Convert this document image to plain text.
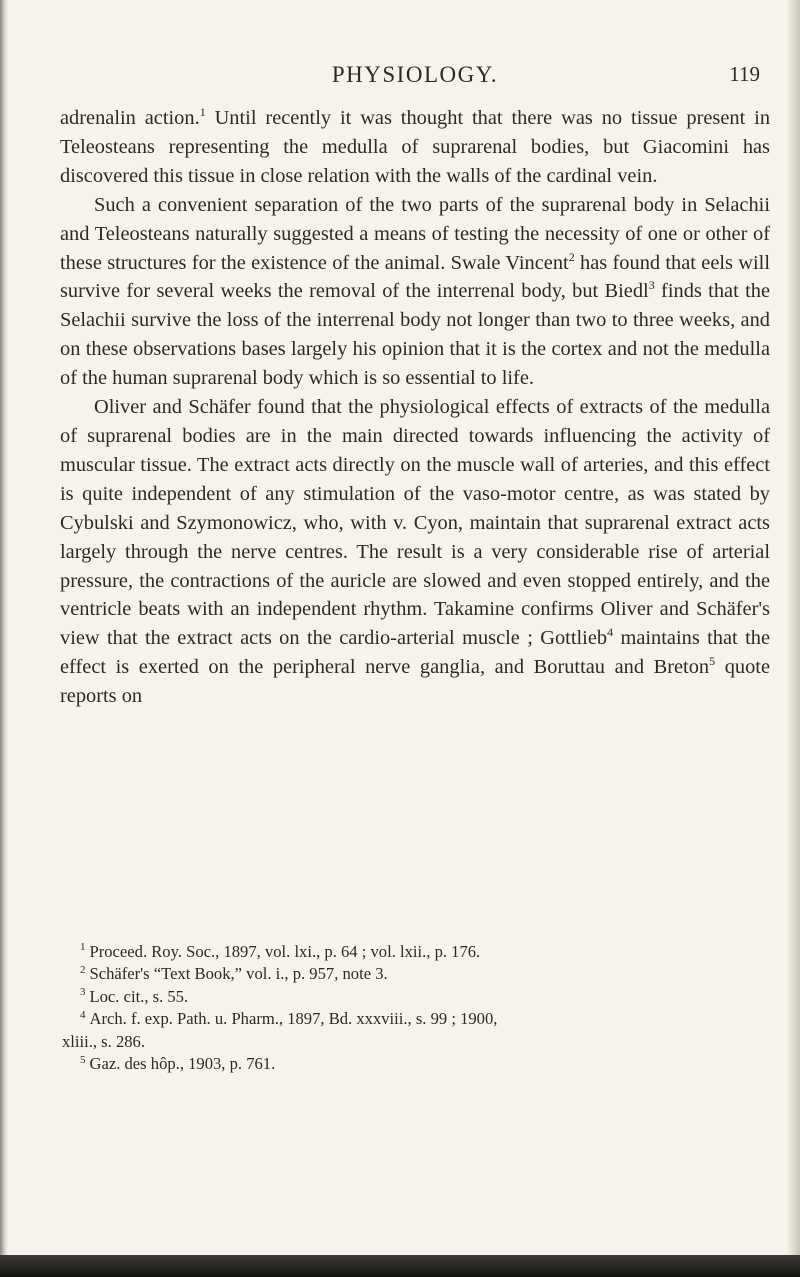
PHYSIOLOGY.	119

adrenalin action.$^1$ Until recently it was thought that there was no tissue present in Teleosteans representing the medulla of suprarenal bodies, but Giacomini has discovered this tissue in close relation with the walls of the cardinal vein.

Such a convenient separation of the two parts of the suprarenal body in Selachii and Teleosteans naturally suggested a means of testing the necessity of one or other of these structures for the existence of the animal. Swale Vincent$^2$ has found that eels will survive for several weeks the removal of the interrenal body, but Biedl$^3$ finds that the Selachii survive the loss of the interrenal body not longer than two to three weeks, and on these observations bases largely his opinion that it is the cortex and not the medulla of the human suprarenal body which is so essential to life.

Oliver and Schäfer found that the physiological effects of extracts of the medulla of suprarenal bodies are in the main directed towards influencing the activity of muscular tissue. The extract acts directly on the muscle wall of arteries, and this effect is quite independent of any stimulation of the vaso-motor centre, as was stated by Cybulski and Szymonowicz, who, with v. Cyon, maintain that suprarenal extract acts largely through the nerve centres. The result is a very considerable rise of arterial pressure, the contractions of the auricle are slowed and even stopped entirely, and the ventricle beats with an independent rhythm. Takamine confirms Oliver and Schäfer's view that the extract acts on the cardio-arterial muscle ; Gottlieb$^4$ maintains that the effect is exerted on the peripheral nerve ganglia, and Boruttau and Breton$^5$ quote reports on

$^1$ Proceed. Roy. Soc., 1897, vol. lxi., p. 64 ; vol. lxii., p. 176.

$^2$ Schäfer's “Text Book,” vol. i., p. 957, note 3.

$^3$ Loc. cit., s. 55.

$^4$ Arch. f. exp. Path. u. Pharm., 1897, Bd. xxxviii., s. 99 ; 1900,

xliii., s. 286.

$^5$ Gaz. des hôp., 1903, p. 761.
